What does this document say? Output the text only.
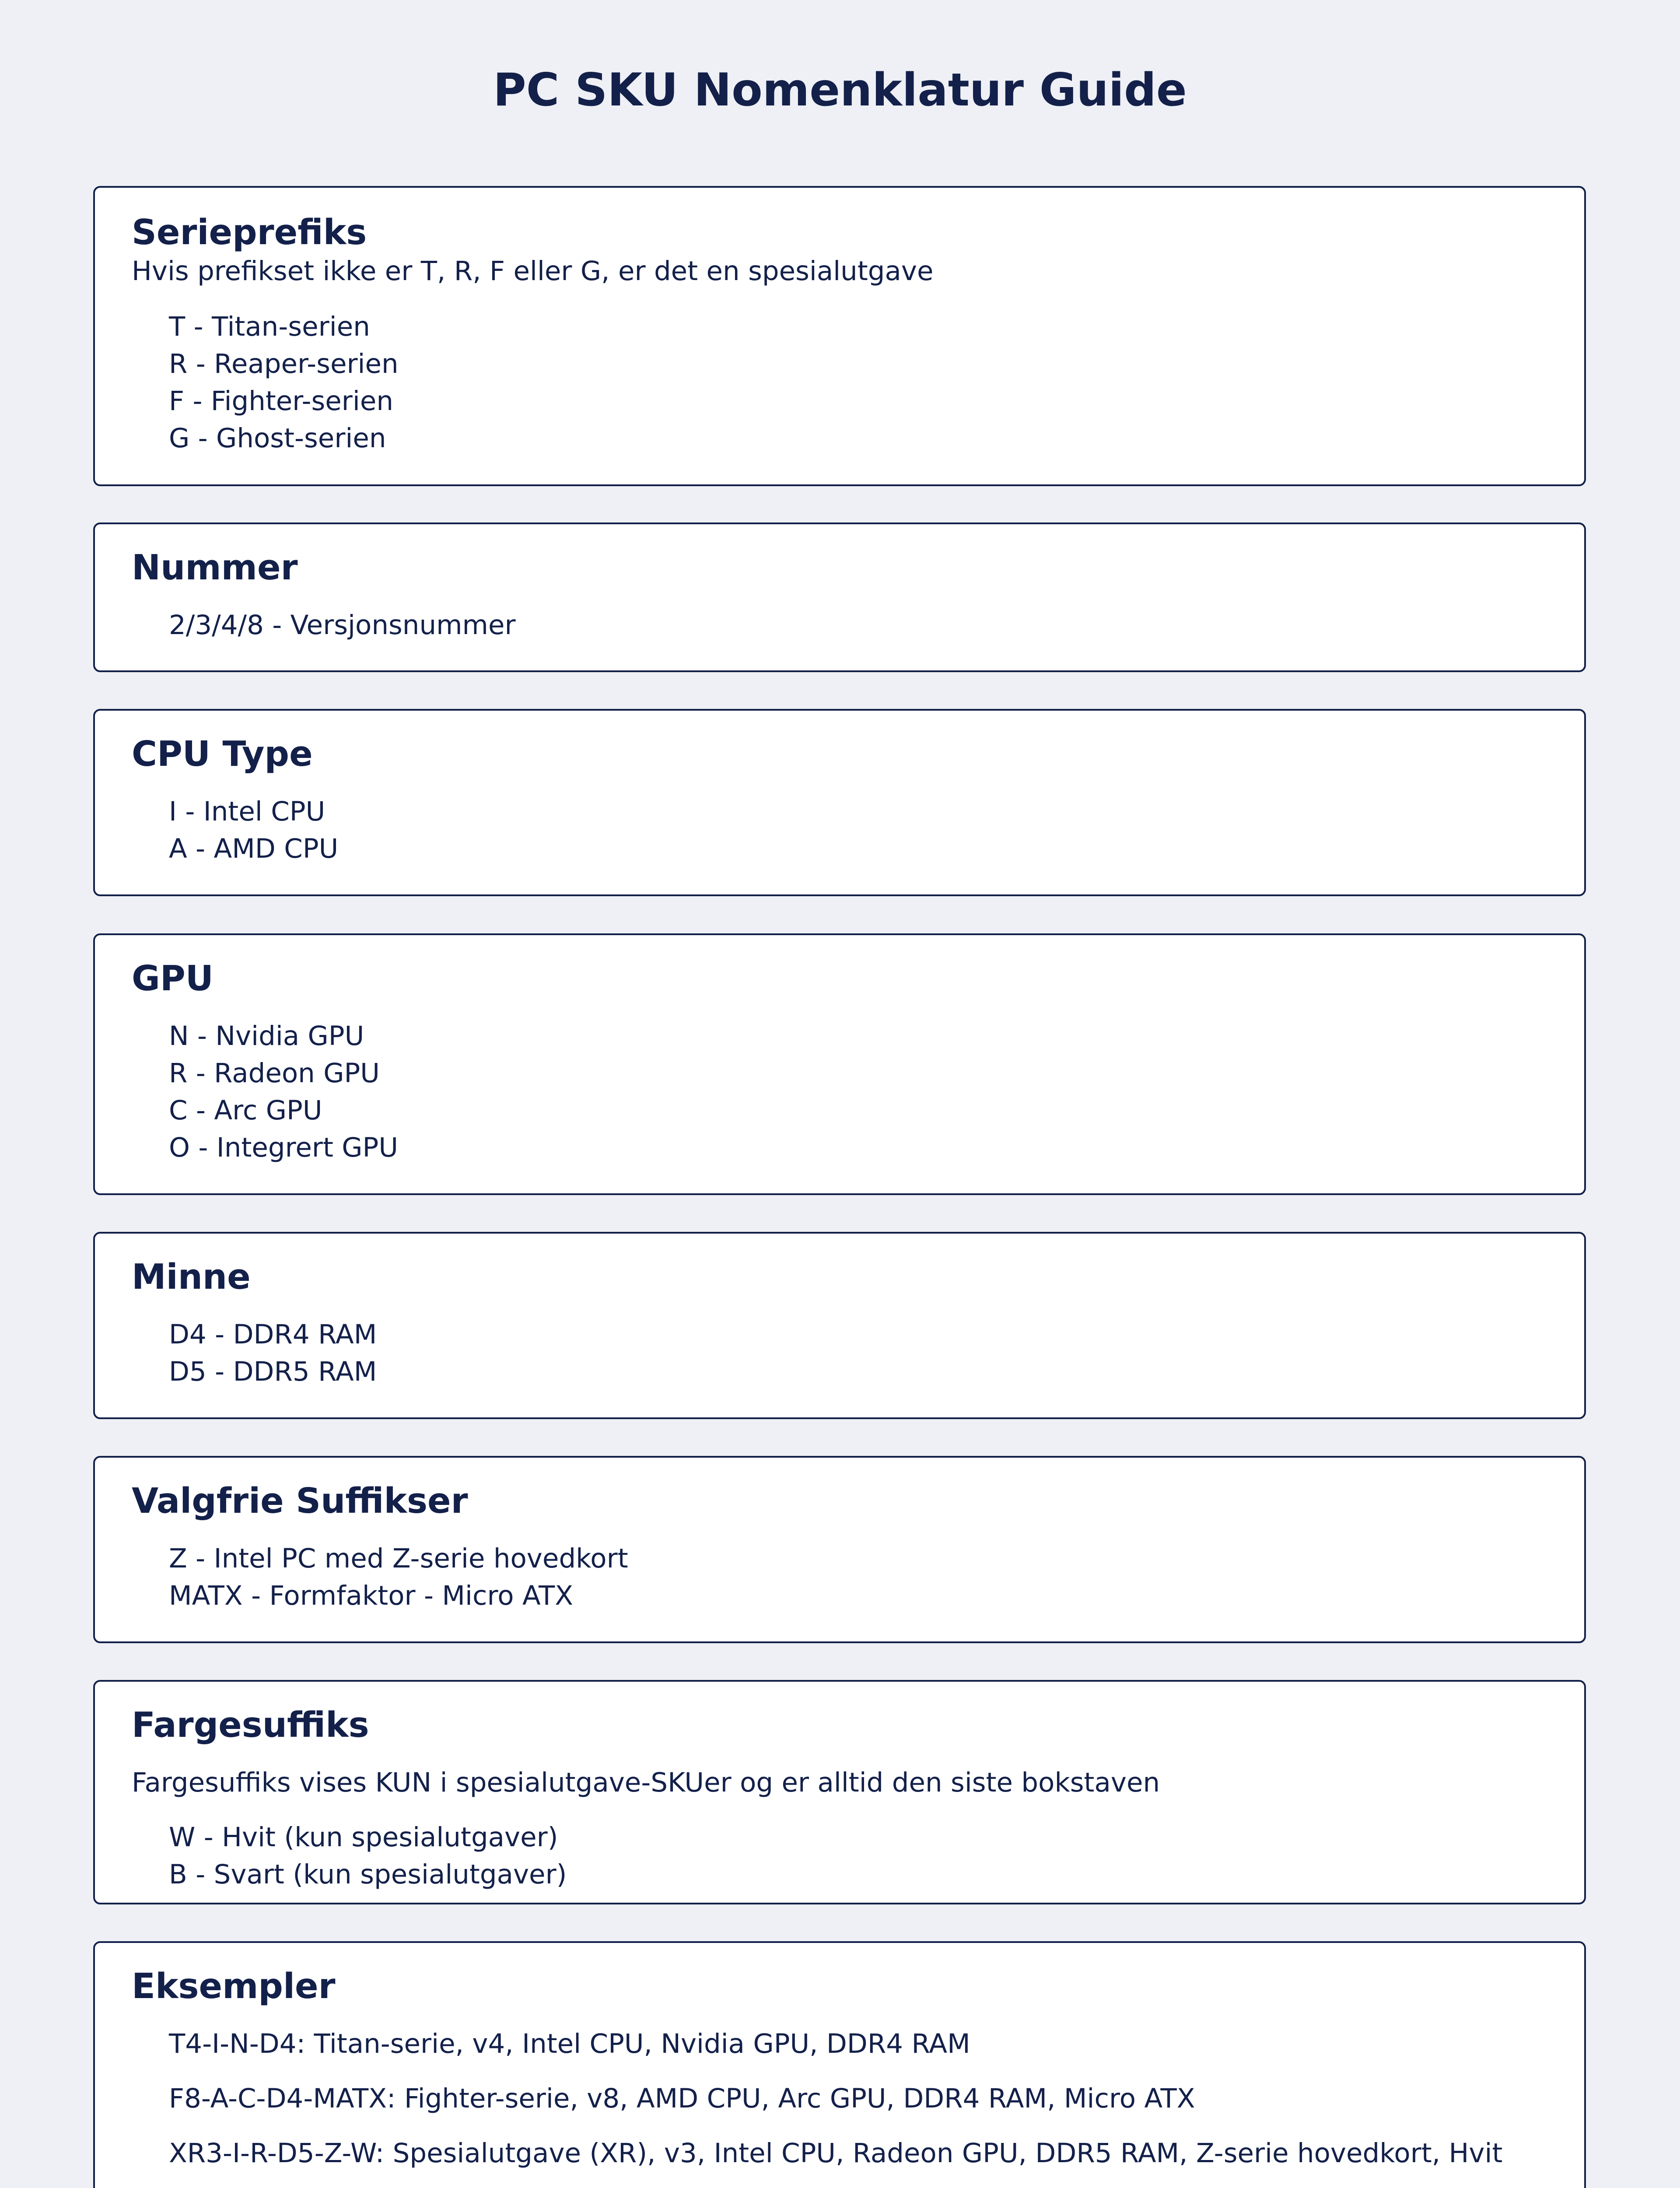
PC SKU Nomenklatur Guide
Serieprefiks
Hvis prefikset ikke er T, R, F eller G, er det en spesialutgave
T - Titan-serien
R - Reaper-serien
F - Fighter-serien
G - Ghost-serien
Nummer
2/3/4/8 - Versjonsnummer
CPU Type
I - Intel CPU
A - AMD CPU
GPU
N - Nvidia GPU
R - Radeon GPU
C - Arc GPU
O - Integrert GPU
Minne
D4 - DDR4 RAM
D5 - DDR5 RAM
Valgfrie Suffikser
Z - Intel PC med Z-serie hovedkort
MATX - Formfaktor - Micro ATX
Fargesuffiks
Fargesuffiks vises KUN i spesialutgave-SKUer og er alltid den siste bokstaven
W - Hvit (kun spesialutgaver)
B - Svart (kun spesialutgaver)
Eksempler
T4-I-N-D4: Titan-serie, v4, Intel CPU, Nvidia GPU, DDR4 RAM
F8-A-C-D4-MATX: Fighter-serie, v8, AMD CPU, Arc GPU, DDR4 RAM, Micro ATX
XR3-I-R-D5-Z-W: Spesialutgave (XR), v3, Intel CPU, Radeon GPU, DDR5 RAM, Z-serie hovedkort, Hvit
